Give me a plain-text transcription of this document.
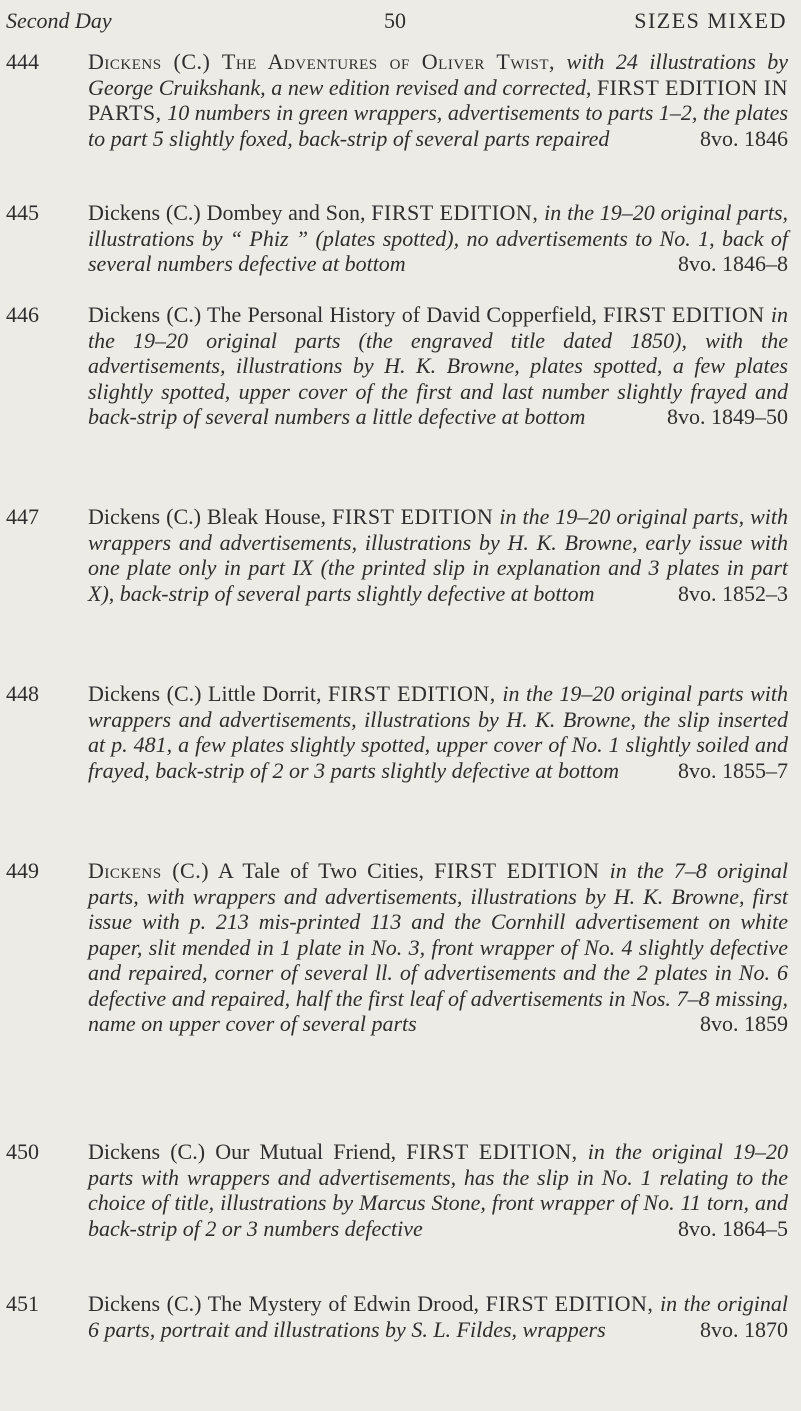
Second Day	50	SIZES MIXED
444 Dickens (C.) The Adventures of Oliver Twist, with 24 illustrations by George Cruikshank, a new edition revised and corrected, FIRST EDITION IN PARTS, 10 numbers in green wrappers, advertisements to parts 1–2, the plates to part 5 slightly foxed, back-strip of several parts repaired	8vo. 1846
445 Dickens (C.) Dombey and Son, FIRST EDITION, in the 19–20 original parts, illustrations by “ Phiz ” (plates spotted), no advertisements to No. 1, back of several numbers defective at bottom	8vo. 1846–8
446 Dickens (C.) The Personal History of David Copperfield, FIRST EDITION in the 19–20 original parts (the engraved title dated 1850), with the advertisements, illustrations by H. K. Browne, plates spotted, a few plates slightly spotted, upper cover of the first and last number slightly frayed and back-strip of several numbers a little defective at bottom	8vo. 1849–50
447 Dickens (C.) Bleak House, FIRST EDITION in the 19–20 original parts, with wrappers and advertisements, illustrations by H. K. Browne, early issue with one plate only in part IX (the printed slip in explanation and 3 plates in part X), back-strip of several parts slightly defective at bottom	8vo. 1852–3
448 Dickens (C.) Little Dorrit, FIRST EDITION, in the 19–20 original parts with wrappers and advertisements, illustrations by H. K. Browne, the slip inserted at p. 481, a few plates slightly spotted, upper cover of No. 1 slightly soiled and frayed, back-strip of 2 or 3 parts slightly defective at bottom	8vo. 1855–7
449 Dickens (C.) A Tale of Two Cities, FIRST EDITION in the 7–8 original parts, with wrappers and advertisements, illustrations by H. K. Browne, first issue with p. 213 mis-printed 113 and the Cornhill advertisement on white paper, slit mended in 1 plate in No. 3, front wrapper of No. 4 slightly defective and repaired, corner of several ll. of advertisements and the 2 plates in No. 6 defective and repaired, half the first leaf of advertisements in Nos. 7–8 missing, name on upper cover of several parts	8vo. 1859
450 Dickens (C.) Our Mutual Friend, FIRST EDITION, in the original 19–20 parts with wrappers and advertisements, has the slip in No. 1 relating to the choice of title, illustrations by Marcus Stone, front wrapper of No. 11 torn, and back-strip of 2 or 3 numbers defective	8vo. 1864–5
451 Dickens (C.) The Mystery of Edwin Drood, FIRST EDITION, in the original 6 parts, portrait and illustrations by S. L. Fildes, wrappers	8vo. 1870
